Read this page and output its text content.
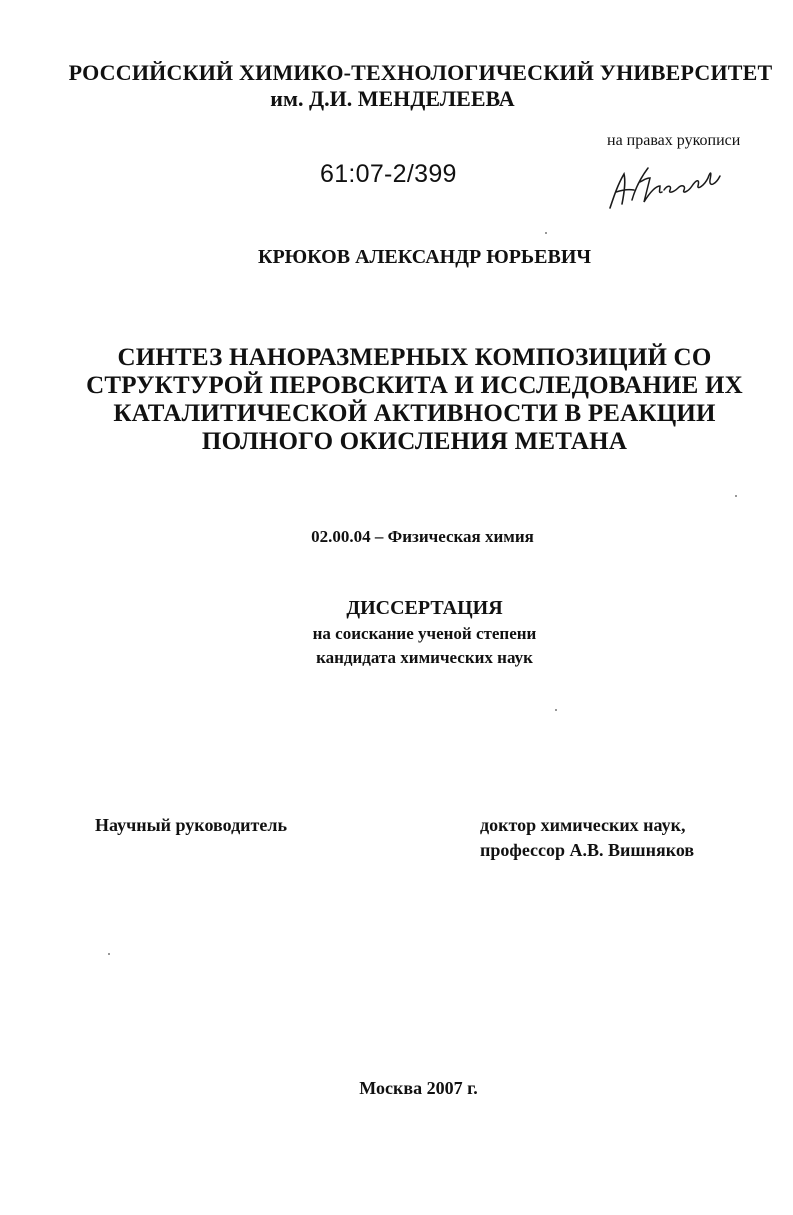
РОССИЙСКИЙ ХИМИКО-ТЕХНОЛОГИЧЕСКИЙ УНИВЕРСИТЕТ
им. Д.И. МЕНДЕЛЕЕВА
на правах рукописи
61:07-2/399
КРЮКОВ АЛЕКСАНДР ЮРЬЕВИЧ
СИНТЕЗ НАНОРАЗМЕРНЫХ КОМПОЗИЦИЙ СО
СТРУКТУРОЙ ПЕРОВСКИТА И ИССЛЕДОВАНИЕ ИХ
КАТАЛИТИЧЕСКОЙ АКТИВНОСТИ В РЕАКЦИИ
ПОЛНОГО ОКИСЛЕНИЯ МЕТАНА
02.00.04 – Физическая химия
ДИССЕРТАЦИЯ
на соискание ученой степени
кандидата химических наук
Научный руководитель	доктор химических наук,
профессор А.В. Вишняков
Москва 2007 г.
